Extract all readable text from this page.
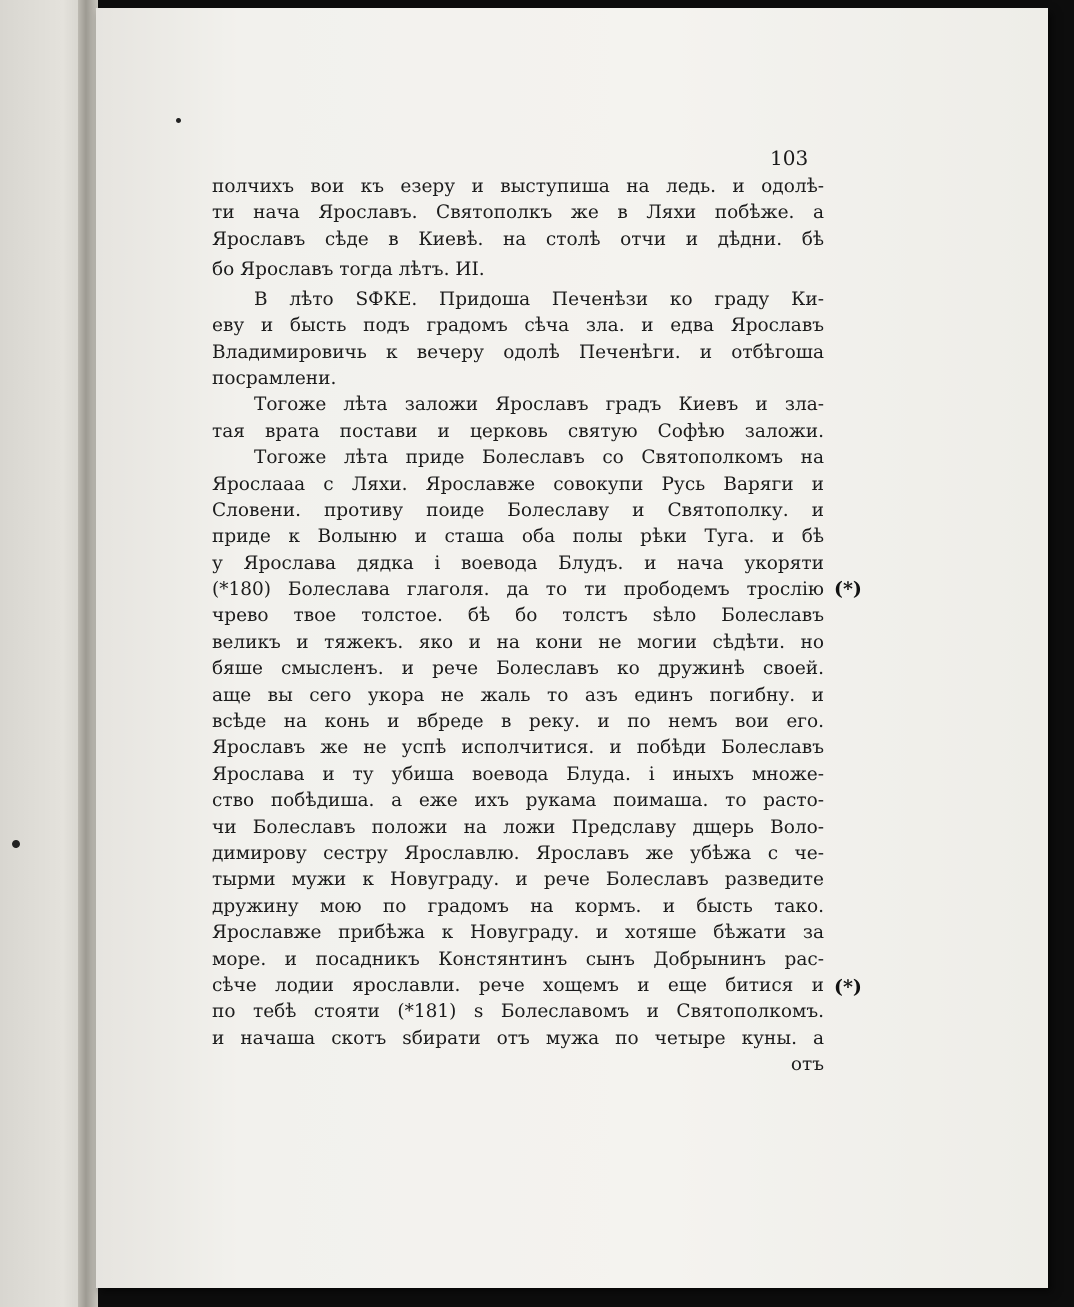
103
полчихъ вои къ езеру и выступиша на ледь. и одолѣ-
ти нача Ярославъ. Святополкъ же в Ляхи побѣже. а
Ярославъ сѣде в Киевѣ. на столѣ отчи и дѣдни. бѣ
бо Ярославъ тогда лѣтъ. ИІ.
В лѣто ЅФКЕ. Придоша Печенѣзи ко граду Ки-
еву и бысть подъ градомъ сѣча зла. и едва Ярославъ
Владимировичь к вечеру одолѣ Печенѣги. и отбѣгоша
посрамлени.
Тогоже лѣта заложи Ярославъ градъ Киевъ и зла-
тая врата постави и церковь святую Софѣю заложи.
Тогоже лѣта приде Болеславъ со Святополкомъ на
Ярослааа с Ляхи. Ярославже совокупи Русь Варяги и
Словени. противу поиде Болеславу и Святополку. и
приде к Волыню и сташа оба полы рѣки Туга. и бѣ
у Ярослава дядка і воевода Блудъ. и нача укоряти
(*180) Болеслава глаголя. да то ти прободемъ трослію
чрево твое толстое. бѣ бо толстъ ѕѣло Болеславъ
великъ и тяжекъ. яко и на кони не могии сѣдѣти. но
бяше смысленъ. и рече Болеславъ ко дружинѣ своей.
аще вы сего укора не жаль то азъ единъ погибну. и
всѣде на конь и вбреде в реку. и по немъ вои его.
Ярославъ же не успѣ исполчитися. и побѣди Болеславъ
Ярослава и ту убиша воевода Блуда. і иныхъ множе-
ство побѣдиша. а еже ихъ рукама поимаша. то расто-
чи Болеславъ положи на ложи Предславу дщерь Воло-
димирову сестру Ярославлю. Ярославъ же убѣжа с че-
тырми мужи к Новуграду. и рече Болеславъ разведите
дружину мою по градомъ на кормъ. и бысть тако.
Ярославже прибѣжа к Новуграду. и хотяше бѣжати за
море. и посадникъ Констянтинъ сынъ Добрынинъ рас-
сѣче лодии ярославли. рече хощемъ и еще битися и
по тебѣ стояти (*181) ѕ Болеславомъ и Святополкомъ.
и начаша скотъ ѕбирати отъ мужа по четыре куны. а
отъ
(*)
(*)
